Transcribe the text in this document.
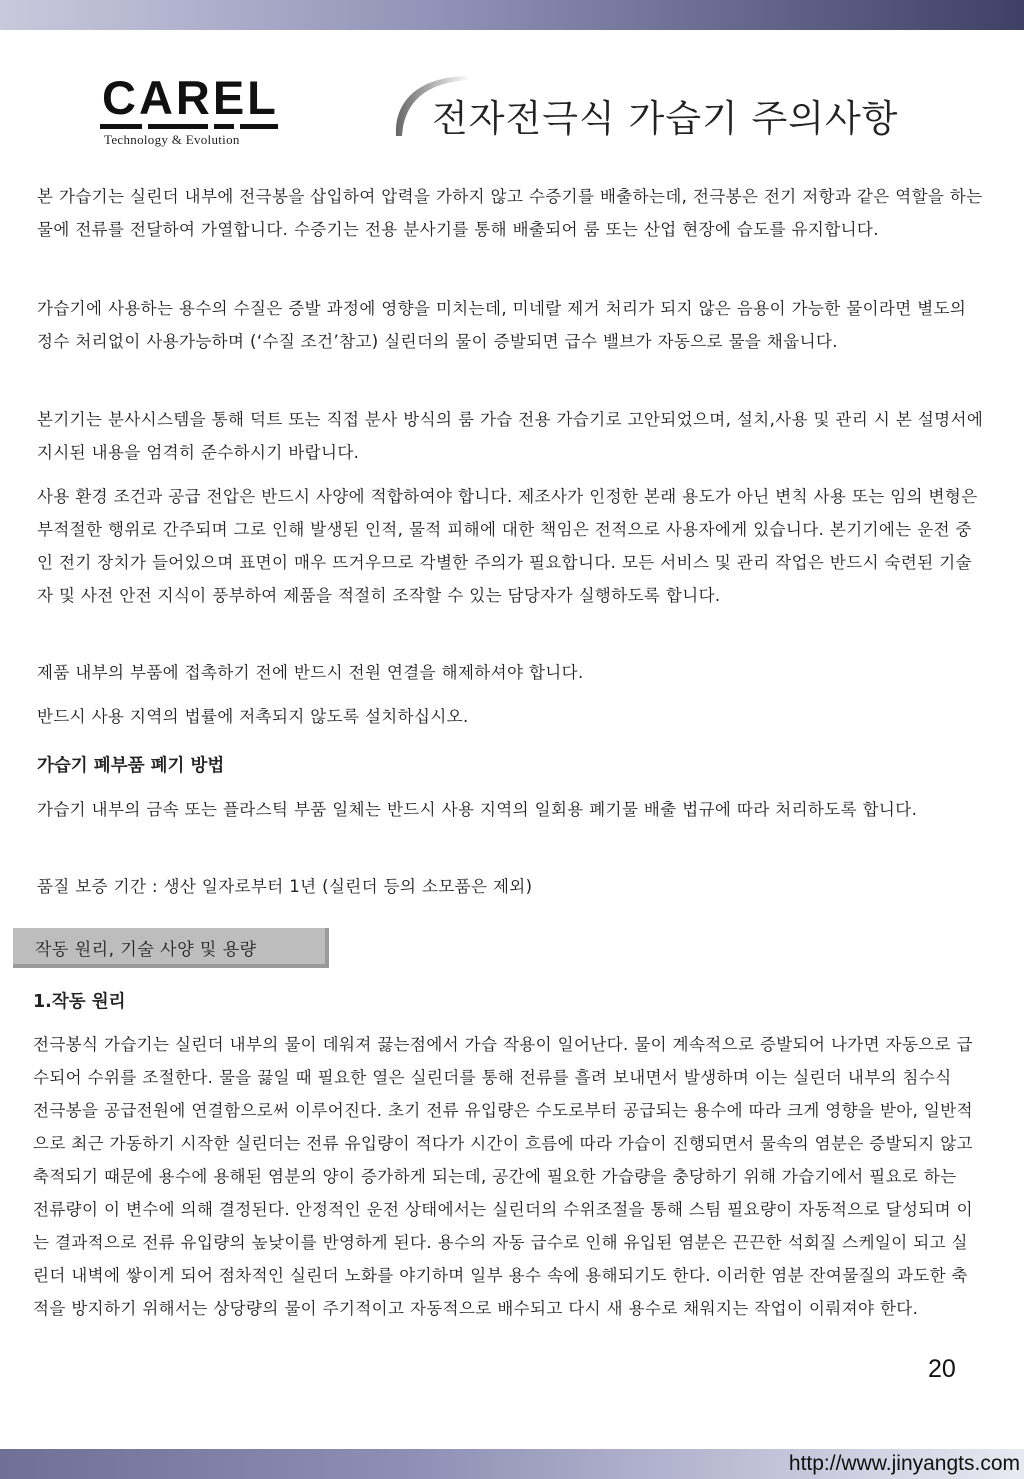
CAREL
Technology & Evolution	전자전극식 가습기 주의사항

본 가습기는 실린더 내부에 전극봉을 삽입하여 압력을 가하지 않고 수증기를 배출하는데, 전극봉은 전기 저항과 같은 역할을 하는 물에 전류를 전달하여 가열합니다. 수증기는 전용 분사기를 통해 배출되어 룸 또는 산업 현장에 습도를 유지합니다.

가습기에 사용하는 용수의 수질은 증발 과정에 영향을 미치는데, 미네랄 제거 처리가 되지 않은 음용이 가능한 물이라면 별도의 정수 처리없이 사용가능하며 (‘수질 조건’참고) 실린더의 물이 증발되면 급수 밸브가 자동으로 물을 채웁니다.

본기기는 분사시스템을 통해 덕트 또는 직접 분사 방식의 룸 가습 전용 가습기로 고안되었으며, 설치,사용 및 관리 시 본 설명서에 지시된 내용을 엄격히 준수하시기 바랍니다.

사용 환경 조건과 공급 전압은 반드시 사양에 적합하여야 합니다. 제조사가 인정한 본래 용도가 아닌 변칙 사용 또는 임의 변형은 부적절한 행위로 간주되며 그로 인해 발생된 인적, 물적 피해에 대한 책임은 전적으로 사용자에게 있습니다. 본기기에는 운전 중인 전기 장치가 들어있으며 표면이 매우 뜨거우므로 각별한 주의가 필요합니다. 모든 서비스 및 관리 작업은 반드시 숙련된 기술자 및 사전 안전 지식이 풍부하여 제품을 적절히 조작할 수 있는 담당자가 실행하도록 합니다.

제품 내부의 부품에 접촉하기 전에 반드시 전원 연결을 해제하셔야 합니다.

반드시 사용 지역의 법률에 저촉되지 않도록 설치하십시오.

가습기 폐부품 폐기 방법

가습기 내부의 금속 또는 플라스틱 부품 일체는 반드시 사용 지역의 일회용 폐기물 배출 법규에 따라 처리하도록 합니다.

품질 보증 기간 : 생산 일자로부터 1년 (실린더 등의 소모품은 제외)

작동 원리, 기술 사양 및 용량

1.작동 원리

전극봉식 가습기는 실린더 내부의 물이 데워져 끓는점에서 가습 작용이 일어난다. 물이 계속적으로 증발되어 나가면 자동으로 급수되어 수위를 조절한다. 물을 끓일 때 필요한 열은 실린더를 통해 전류를 흘려 보내면서 발생하며 이는 실린더 내부의 침수식 전극봉을 공급전원에 연결함으로써 이루어진다. 초기 전류 유입량은 수도로부터 공급되는 용수에 따라 크게 영향을 받아, 일반적으로 최근 가동하기 시작한 실린더는 전류 유입량이 적다가 시간이 흐름에 따라 가습이 진행되면서 물속의 염분은 증발되지 않고 축적되기 때문에 용수에 용해된 염분의 양이 증가하게 되는데, 공간에 필요한 가습량을 충당하기 위해 가습기에서 필요로 하는 전류량이 이 변수에 의해 결정된다. 안정적인 운전 상태에서는 실린더의 수위조절을 통해 스팀 필요량이 자동적으로 달성되며 이는 결과적으로 전류 유입량의 높낮이를 반영하게 된다. 용수의 자동 급수로 인해 유입된 염분은 끈끈한 석회질 스케일이 되고 실린더 내벽에 쌓이게 되어 점차적인 실린더 노화를 야기하며 일부 용수 속에 용해되기도 한다. 이러한 염분 잔여물질의 과도한 축적을 방지하기 위해서는 상당량의 물이 주기적이고 자동적으로 배수되고 다시 새 용수로 채워지는 작업이 이뤄져야 한다.

20
http://www.jinyangts.com
